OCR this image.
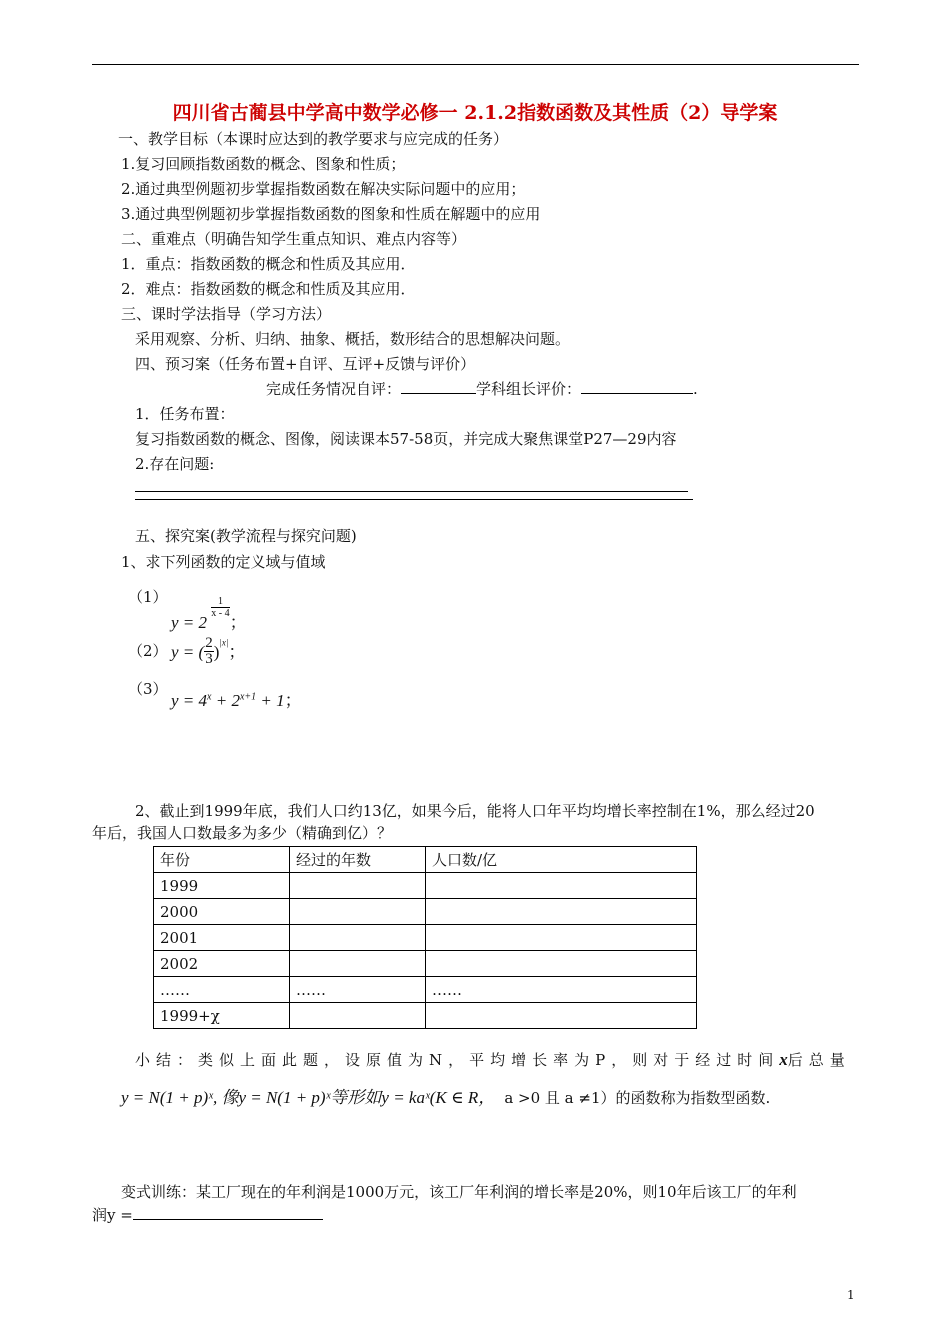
四川省古蔺县中学高中数学必修一 2.1.2指数函数及其性质（2）导学案
一、教学目标（本课时应达到的教学要求与应完成的任务）
1.复习回顾指数函数的概念、图象和性质；
2.通过典型例题初步掌握指数函数在解决实际问题中的应用；
3.通过典型例题初步掌握指数函数的图象和性质在解题中的应用
二、重难点（明确告知学生重点知识、难点内容等）
1．重点：指数函数的概念和性质及其应用．
2．难点：指数函数的概念和性质及其应用．
三、课时学法指导（学习方法）
采用观察、分析、归纳、抽象、概括，数形结合的思想解决问题。
四、预习案（任务布置+自评、互评+反馈与评价）
完成任务情况自评：	学科组长评价：	.
1．任务布置：
复习指数函数的概念、图像，阅读课本57-58页，并完成大聚焦课堂P27—29内容
2.存在问题:
五、探究案(教学流程与探究问题)
1、求下列函数的定义域与值域
（1）
y = 2
$\frac{1}{x - 4}$
；
（2） y = ( $\frac{2}{3} )^{|x|}$；
（3）
$y = 4^x + 2^{x+1} + 1$；
2、截止到1999年底，我们人口约13亿，如果今后，能将人口年平均均增长率控制在1%，那么经过20
年后，我国人口数最多为多少（精确到亿）？
年份	经过的年数	人口数/亿
1999		
2000		
2001		
2002		
……	……	……
1999+χ		
小结：类似上面此题，设原值为N，平均增长率为P，则对于经过时间x后总量
y = N(1 + p)ˣ, 像y = N(1 + p)ˣ等形如y = kaˣ(K ∈ R， a >0 且 a ≠1）的函数称为指数型函数.
变式训练：某工厂现在的年利润是1000万元，该工厂年利润的增长率是20%，则10年后该工厂的年利
润y =
1
